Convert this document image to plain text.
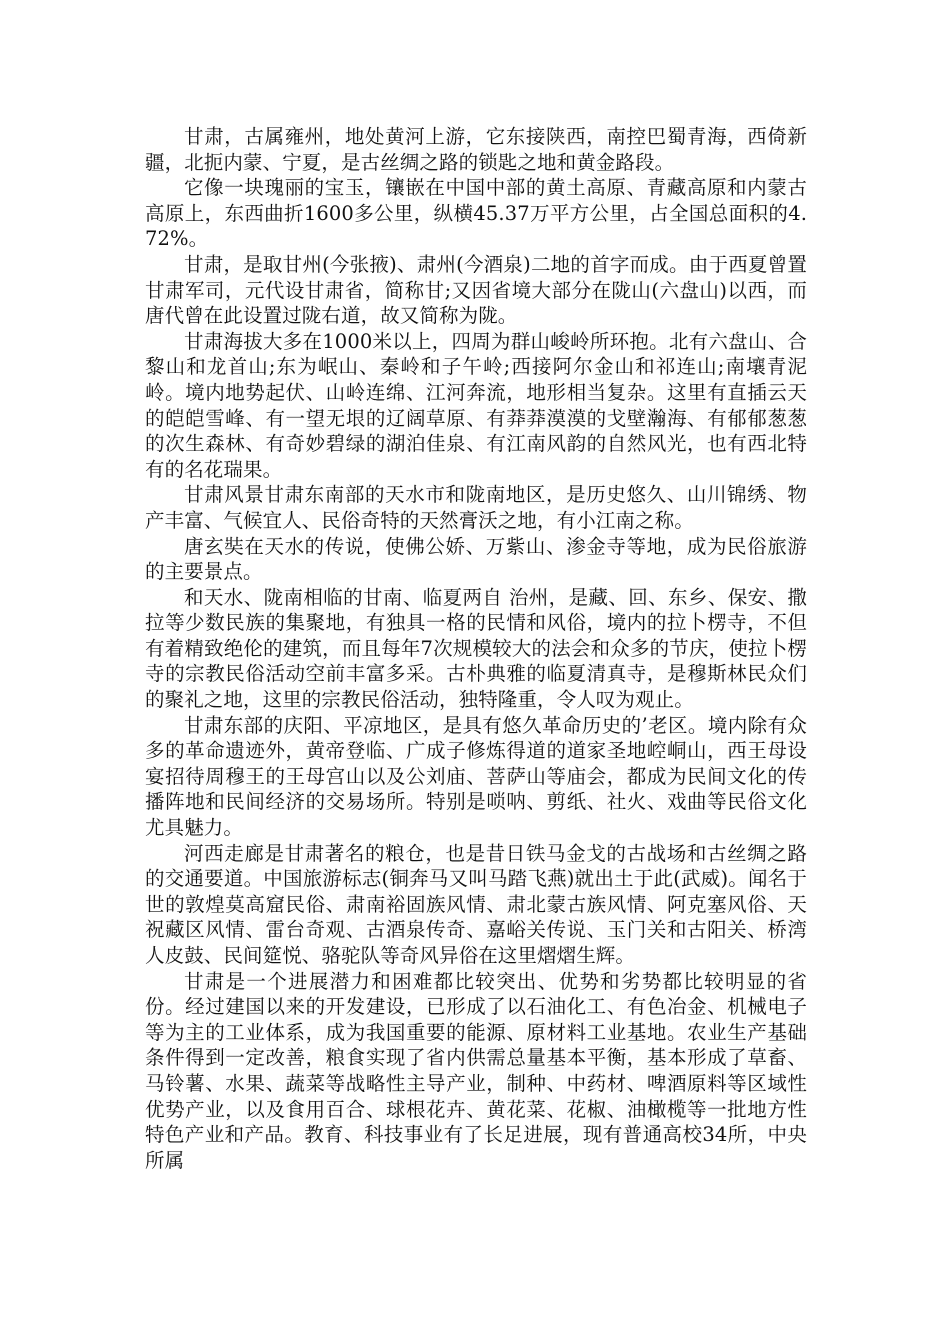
甘肃，古属雍州，地处黄河上游，它东接陕西，南控巴蜀青海，西倚新疆，北扼内蒙、宁夏，是古丝绸之路的锁匙之地和黄金路段。

它像一块瑰丽的宝玉，镶嵌在中国中部的黄土高原、青藏高原和内蒙古高原上，东西曲折1600多公里，纵横45.37万平方公里，占全国总面积的4.72%。

甘肃，是取甘州(今张掖)、肃州(今酒泉)二地的首字而成。由于西夏曾置甘肃军司，元代设甘肃省，简称甘;又因省境大部分在陇山(六盘山)以西，而唐代曾在此设置过陇右道，故又简称为陇。

甘肃海拔大多在1000米以上，四周为群山峻岭所环抱。北有六盘山、合黎山和龙首山;东为岷山、秦岭和子午岭;西接阿尔金山和祁连山;南壤青泥岭。境内地势起伏、山岭连绵、江河奔流，地形相当复杂。这里有直插云天的皑皑雪峰、有一望无垠的辽阔草原、有莽莽漠漠的戈壁瀚海、有郁郁葱葱的次生森林、有奇妙碧绿的湖泊佳泉、有江南风韵的自然风光，也有西北特有的名花瑞果。

甘肃风景甘肃东南部的天水市和陇南地区，是历史悠久、山川锦绣、物产丰富、气候宜人、民俗奇特的天然膏沃之地，有小江南之称。

唐玄奘在天水的传说，使佛公娇、万紫山、渗金寺等地，成为民俗旅游的主要景点。

和天水、陇南相临的甘南、临夏两自 治州，是藏、回、东乡、保安、撒拉等少数民族的集聚地，有独具一格的民情和风俗，境内的拉卜楞寺，不但有着精致绝伦的建筑，而且每年7次规模较大的法会和众多的节庆，使拉卜楞寺的宗教民俗活动空前丰富多采。古朴典雅的临夏清真寺，是穆斯林民众们的聚礼之地，这里的宗教民俗活动，独特隆重，令人叹为观止。

甘肃东部的庆阳、平凉地区，是具有悠久革命历史的’老区。境内除有众多的革命遗迹外，黄帝登临、广成子修炼得道的道家圣地崆峒山，西王母设宴招待周穆王的王母宫山以及公刘庙、菩萨山等庙会，都成为民间文化的传播阵地和民间经济的交易场所。特别是唢呐、剪纸、社火、戏曲等民俗文化尤具魅力。

河西走廊是甘肃著名的粮仓，也是昔日铁马金戈的古战场和古丝绸之路的交通要道。中国旅游标志(铜奔马又叫马踏飞燕)就出土于此(武威)。闻名于世的敦煌莫高窟民俗、肃南裕固族风情、肃北蒙古族风情、阿克塞风俗、天祝藏区风情、雷台奇观、古酒泉传奇、嘉峪关传说、玉门关和古阳关、桥湾人皮鼓、民间筵悦、骆驼队等奇风异俗在这里熠熠生辉。

甘肃是一个进展潜力和困难都比较突出、优势和劣势都比较明显的省份。经过建国以来的开发建设，已形成了以石油化工、有色冶金、机械电子等为主的工业体系，成为我国重要的能源、原材料工业基地。农业生产基础条件得到一定改善，粮食实现了省内供需总量基本平衡，基本形成了草畜、马铃薯、水果、蔬菜等战略性主导产业，制种、中药材、啤酒原料等区域性优势产业，以及食用百合、球根花卉、黄花菜、花椒、油橄榄等一批地方性特色产业和产品。教育、科技事业有了长足进展，现有普通高校34所，中央所属
